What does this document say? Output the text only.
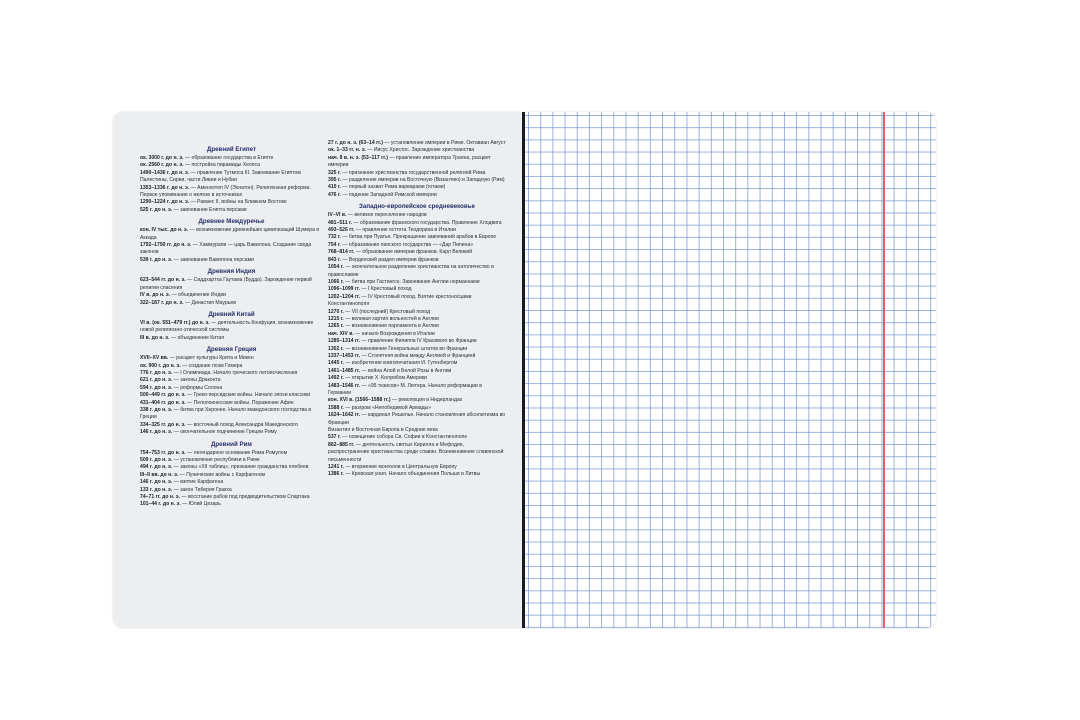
Древний Египет
ок. 3000 г. до н. э. — образование государства в Египте
ок. 2560 г. до н. э. — постройка пирамиды Хеопса
1490–1436 г. до н. э. — правление Тутмоса III. Завоевание Египтом Палестины, Сирии, части Ливии и Нубии
1353–1336 г. до н. э. — Аменхотеп IV (Эхнатон). Религиозная реформа. Первое упоминание о железе в источниках
1290–1224 г. до н. э. — Рамзес II, войны на Ближнем Востоке
525 г. до н. э. — завоевание Египта персами
Древнее Междуречье
кон. IV тыс. до н. э. — возникновение древнейших цивилизаций Шумера и Аккада
1792–1750 гг. до н. э. — Хаммурапи — царь Вавилона. Создание свода законов
539 г. до н. э. — завоевание Вавилона персами
Древняя Индия
623–544 гг. до н. э. — Сиддхартха Гаутама (Будда). Зарождение первой религии спасения
IV в. до н. э. — объединение Индии
322–187 г. до н. э. — Династия Маурьев
Древний Китай
VI в. (ок. 551–479 гг.) до н. э. — деятельность Конфуция, возникновение новой религиозно-этической системы
III в. до н. э. — объединение Китая
Древняя Греция
XVII–XV вв. — расцвет культуры Крита и Микен
ок. 900 г. до н. э. — создание поэм Гомера
776 г. до н. э. — I Олимпиада. Начало греческого летоисчисления
621 г. до н. э. — законы Драконта
594 г. до н. э. — реформы Солона
500–449 гг. до н. э. — Греко-персидские войны. Начало эпохи классики
431–404 гг. до н. э. — Пелопоннесские войны. Поражение Афин
338 г. до н. э. — битва при Херонее. Начало македонского господства в Греции
334–325 гг. до н. э. — восточный поход Александра Македонского
146 г. до н. э. — окончательное подчинение Греции Риму
Древний Рим
754–753 гг. до н. э. — легендарное основание Рима Ромулом
509 г. до н. э. — установление республики в Риме
494 г. до н. э. — законы «XII таблиц», признание гражданства плебеев
III–II вв. до н. э. — Пунические войны с Карфагеном
146 г. до н. э. — взятие Карфагена
133 г. до н. э. — закон Тиберия Гракха
74–71 гг. до н. э. — восстание рабов под предводительством Спартака
101–44 г. до н. э. — Юлий Цезарь
27 г. до н. э. (63–14 гг.) — установление империи в Риме. Октавиан Август
ок. 1–33 гг. н. э. — Иисус Христос. Зарождение христианства
нач. II в. н. э. (53–117 гг.) — правление императора Траяна, расцвет империи
325 г. — признание христианства государственной религией Рима
395 г. — разделение империи на Восточную (Византию) и Западную (Рим)
410 г. — первый захват Рима варварами (готами)
476 г. — падение Западной Римской империи
Западно-европейское средневековье
IV–VI в. — великое переселение народов
481–511 г. — образование франкского государства. Правление Хлодвига
493–526 гг. — правление остгота Теодориха в Италии
732 г. — битва при Пуатье. Прекращение завоеваний арабов в Европе
754 г. — образование папского государства — «Дар Пипина»
768–814 гг. — образование империи франков. Карл Великий
843 г. — Верденский раздел империи франков
1054 г. — окончательное разделение христианства на католичество и православие
1066 г. — битва при Гастингсе. Завоевание Англии норманнами
1096–1099 гг. — I Крестовый поход
1202–1204 гг. — IV Крестовый поход. Взятие крестоносцами Константинополя
1270 г. — VII (последний) Крестовый поход
1215 г. — великая хартия вольностей в Англии
1265 г. — возникновение парламента в Англии
нач. XIV в. — начало Возрождения в Италии
1285–1314 гг. — правление Филиппа IV Красивого во Франции
1302 г. — возникновение Генеральных штатов во Франции
1337–1453 гг. — Столетняя война между Англией и Францией
1445 г. — изобретение книгопечатания И. Гутенбергом
1461–1485 гг. — война Алой и Белой Розы в Англии
1492 г. — открытие Х. Колумбом Америки
1483–1546 гг. — «95 тезисов» М. Лютера. Начало реформации в Германии
кон. XVI в. (1566–1588 гг.) — революция в Нидерландах
1588 г. — разгром «Непобедимой Армады»
1624–1642 гг. — кардинал Ришелье. Начало становления абсолютизма во Франции
Византия и Восточная Европа в Средние века
537 г. — освещение собора Св. Софии в Константинополе
862–885 гг. — деятельность святых Кирилла и Мефодия, распространение христианства среди славян. Возникновение славянской письменности
1241 г. — вторжение монголов в Центральную Европу
1386 г. — Кревская уния. Начало объединения Польши и Литвы
